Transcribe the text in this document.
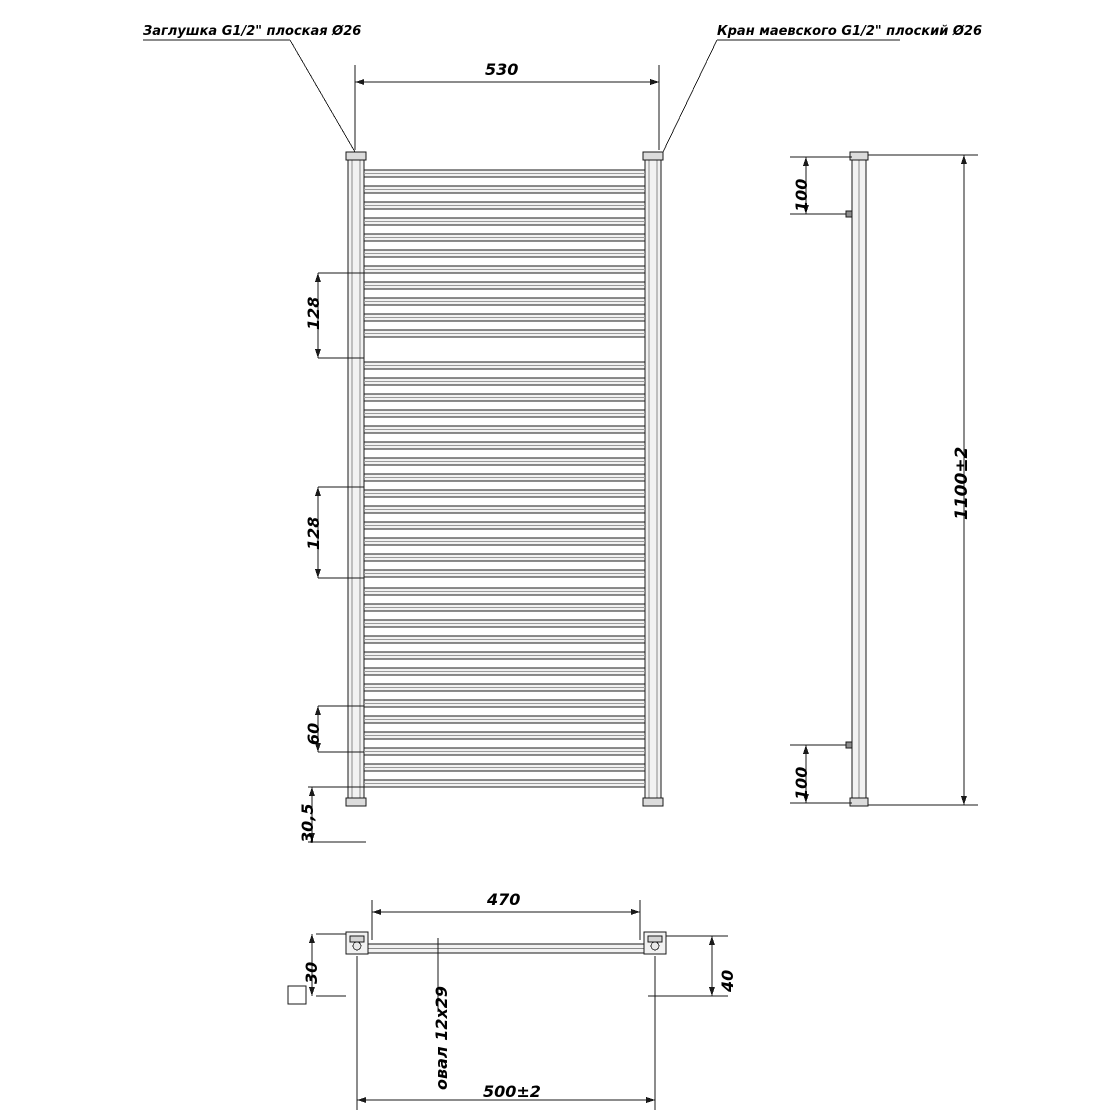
Заглушка G1/2" плоская Ø26	Кран маевского G1/2" плоский Ø26
530
128
128
60
30,5
100
100
1100±2
470
500±2
30	40
овал 12x29
